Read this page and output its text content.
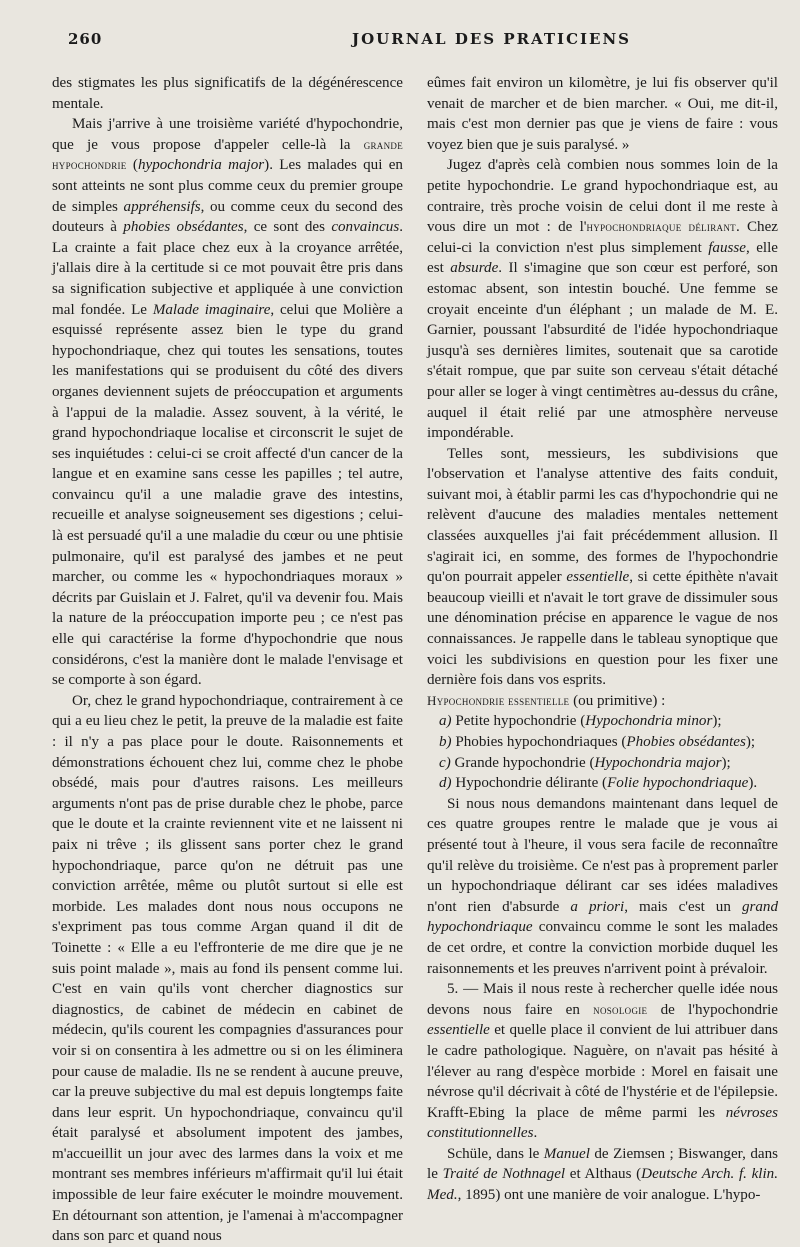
260	JOURNAL DES PRATICIENS

des stigmates les plus significatifs de la dégénérescence mentale.

Mais j'arrive à une troisième variété d'hypochondrie, que je vous propose d'appeler celle-là la grande hypochondrie (hypochondria major). Les malades qui en sont atteints ne sont plus comme ceux du premier groupe de simples appréhensifs, ou comme ceux du second des douteurs à phobies obsédantes, ce sont des convaincus. La crainte a fait place chez eux à la croyance arrêtée, j'allais dire à la certitude si ce mot pouvait être pris dans sa signification subjective et appliquée à une conviction mal fondée. Le Malade imaginaire, celui que Molière a esquissé représente assez bien le type du grand hypochondriaque, chez qui toutes les sensations, toutes les manifestations qui se produisent du côté des divers organes deviennent sujets de préoccupation et arguments à l'appui de la maladie. Assez souvent, à la vérité, le grand hypochondriaque localise et circonscrit le sujet de ses inquiétudes : celui-ci se croit affecté d'un cancer de la langue et en examine sans cesse les papilles ; tel autre, convaincu qu'il a une maladie grave des intestins, recueille et analyse soigneusement ses digestions ; celui-là est persuadé qu'il a une maladie du cœur ou une phtisie pulmonaire, qu'il est paralysé des jambes et ne peut marcher, ou comme les « hypochondriaques moraux » décrits par Guislain et J. Falret, qu'il va devenir fou. Mais la nature de la préoccupation importe peu ; ce n'est pas elle qui caractérise la forme d'hypochondrie que nous considérons, c'est la manière dont le malade l'envisage et se comporte à son égard.

Or, chez le grand hypochondriaque, contrairement à ce qui a eu lieu chez le petit, la preuve de la maladie est faite : il n'y a pas place pour le doute. Raisonnements et démonstrations échouent chez lui, comme chez le phobe obsédé, mais pour d'autres raisons. Les meilleurs arguments n'ont pas de prise durable chez le phobe, parce que le doute et la crainte reviennent vite et ne laissent ni paix ni trêve ; ils glissent sans porter chez le grand hypochondriaque, parce qu'on ne détruit pas une conviction arrêtée, même ou plutôt surtout si elle est morbide. Les malades dont nous nous occupons ne s'expriment pas tous comme Argan quand il dit de Toinette : « Elle a eu l'effronterie de me dire que je ne suis point malade », mais au fond ils pensent comme lui. C'est en vain qu'ils vont chercher diagnostics sur diagnostics, de cabinet de médecin en cabinet de médecin, qu'ils courent les compagnies d'assurances pour voir si on consentira à les admettre ou si on les éliminera pour cause de maladie. Ils ne se rendent à aucune preuve, car la preuve subjective du mal est depuis longtemps faite dans leur esprit. Un hypochondriaque, convaincu qu'il était paralysé et absolument impotent des jambes, m'accueillit un jour avec des larmes dans la voix et me montrant ses membres inférieurs m'affirmait qu'il lui était impossible de leur faire exécuter le moindre mouvement. En détournant son attention, je l'amenai à m'accompagner dans son parc et quand nous

eûmes fait environ un kilomètre, je lui fis observer qu'il venait de marcher et de bien marcher. « Oui, me dit-il, mais c'est mon dernier pas que je viens de faire : vous voyez bien que je suis paralysé. »

Jugez d'après celà combien nous sommes loin de la petite hypochondrie. Le grand hypochondriaque est, au contraire, très proche voisin de celui dont il me reste à vous dire un mot : de l'hypochondriaque délirant. Chez celui-ci la conviction n'est plus simplement fausse, elle est absurde. Il s'imagine que son cœur est perforé, son estomac absent, son intestin bouché. Une femme se croyait enceinte d'un éléphant ; un malade de M. E. Garnier, poussant l'absurdité de l'idée hypochondriaque jusqu'à ses dernières limites, soutenait que sa carotide s'était rompue, que par suite son cerveau s'était détaché pour aller se loger à vingt centimètres au-dessus du crâne, auquel il était relié par une atmosphère nerveuse impondérable.

Telles sont, messieurs, les subdivisions que l'observation et l'analyse attentive des faits conduit, suivant moi, à établir parmi les cas d'hypochondrie qui ne relèvent d'aucune des maladies mentales nettement classées auxquelles j'ai fait précédemment allusion. Il s'agirait ici, en somme, des formes de l'hypochondrie qu'on pourrait appeler essentielle, si cette épithète n'avait beaucoup vieilli et n'avait le tort grave de dissimuler sous une dénomination précise en apparence le vague de nos connaissances. Je rappelle dans le tableau synoptique que voici les subdivisions en question pour les fixer une dernière fois dans vos esprits.

Hypochondrie essentielle (ou primitive) :

a) Petite hypochondrie (Hypochondria minor);

b) Phobies hypochondriaques (Phobies obsédantes);

c) Grande hypochondrie (Hypochondria major);

d) Hypochondrie délirante (Folie hypochondriaque).

Si nous nous demandons maintenant dans lequel de ces quatre groupes rentre le malade que je vous ai présenté tout à l'heure, il vous sera facile de reconnaître qu'il relève du troisième. Ce n'est pas à proprement parler un hypochondriaque délirant car ses idées maladives n'ont rien d'absurde a priori, mais c'est un grand hypochondriaque convaincu comme le sont les malades de cet ordre, et contre la conviction morbide duquel les raisonnements et les preuves n'arrivent point à prévaloir.

5. — Mais il nous reste à rechercher quelle idée nous devons nous faire en nosologie de l'hypochondrie essentielle et quelle place il convient de lui attribuer dans le cadre pathologique. Naguère, on n'avait pas hésité à l'élever au rang d'espèce morbide : Morel en faisait une névrose qu'il décrivait à côté de l'hystérie et de l'épilepsie. Krafft-Ebing la place de même parmi les névroses constitutionnelles.

Schüle, dans le Manuel de Ziemsen ; Biswanger, dans le Traité de Nothnagel et Althaus (Deutsche Arch. f. klin. Med., 1895) ont une manière de voir analogue. L'hypo-
